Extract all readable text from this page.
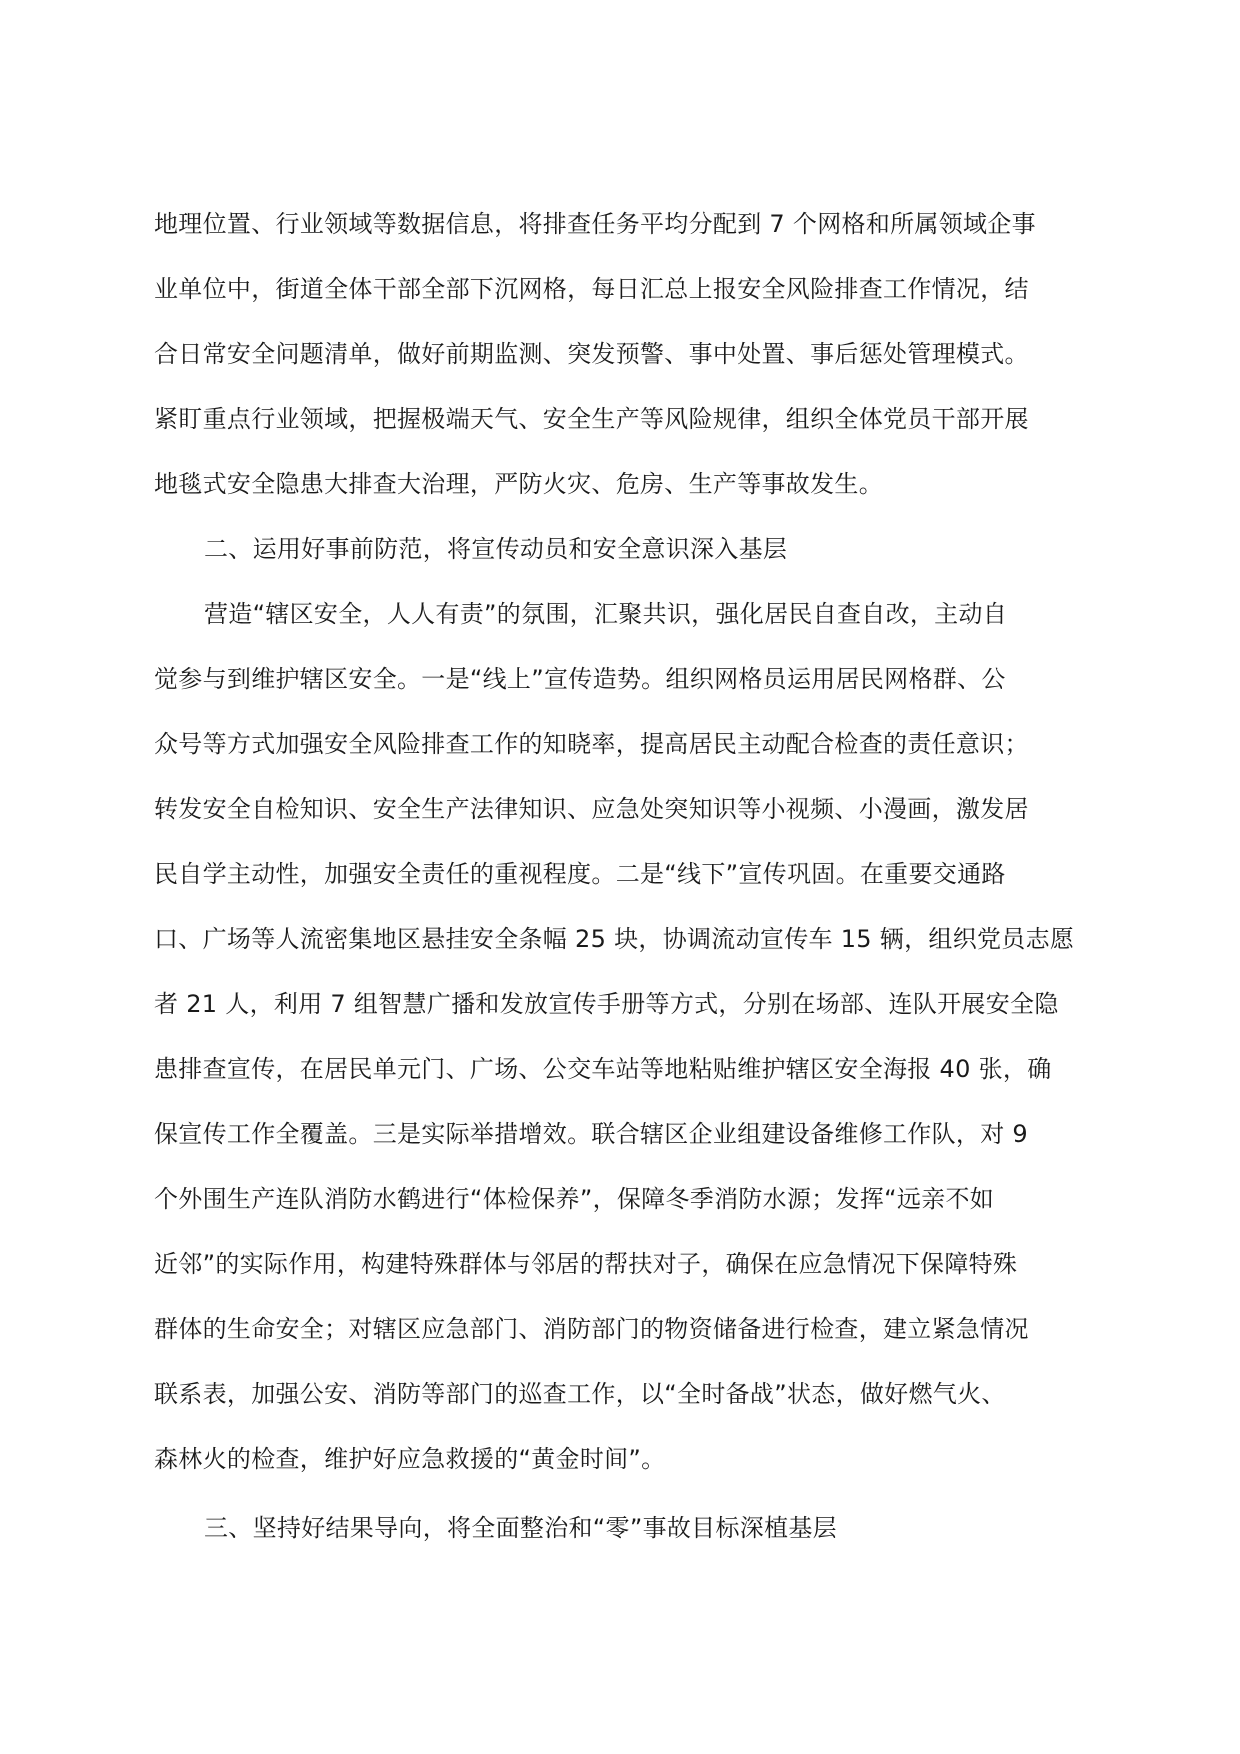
地理位置、行业领域等数据信息，将排查任务平均分配到 7 个网格和所属领域企事
业单位中，街道全体干部全部下沉网格，每日汇总上报安全风险排查工作情况，结
合日常安全问题清单，做好前期监测、突发预警、事中处置、事后惩处管理模式。
紧盯重点行业领域，把握极端天气、安全生产等风险规律，组织全体党员干部开展
地毯式安全隐患大排查大治理，严防火灾、危房、生产等事故发生。
二、运用好事前防范，将宣传动员和安全意识深入基层
营造“辖区安全，人人有责”的氛围，汇聚共识，强化居民自查自改，主动自
觉参与到维护辖区安全。一是“线上”宣传造势。组织网格员运用居民网格群、公
众号等方式加强安全风险排查工作的知晓率，提高居民主动配合检查的责任意识；
转发安全自检知识、安全生产法律知识、应急处突知识等小视频、小漫画，激发居
民自学主动性，加强安全责任的重视程度。二是“线下”宣传巩固。在重要交通路
口、广场等人流密集地区悬挂安全条幅 25 块，协调流动宣传车 15 辆，组织党员志愿
者 21 人，利用 7 组智慧广播和发放宣传手册等方式，分别在场部、连队开展安全隐
患排查宣传，在居民单元门、广场、公交车站等地粘贴维护辖区安全海报 40 张，确
保宣传工作全覆盖。三是实际举措增效。联合辖区企业组建设备维修工作队，对 9
个外围生产连队消防水鹤进行“体检保养”，保障冬季消防水源；发挥“远亲不如
近邻”的实际作用，构建特殊群体与邻居的帮扶对子，确保在应急情况下保障特殊
群体的生命安全；对辖区应急部门、消防部门的物资储备进行检查，建立紧急情况
联系表，加强公安、消防等部门的巡查工作，以“全时备战”状态，做好燃气火、
森林火的检查，维护好应急救援的“黄金时间”。
三、坚持好结果导向，将全面整治和“零”事故目标深植基层
